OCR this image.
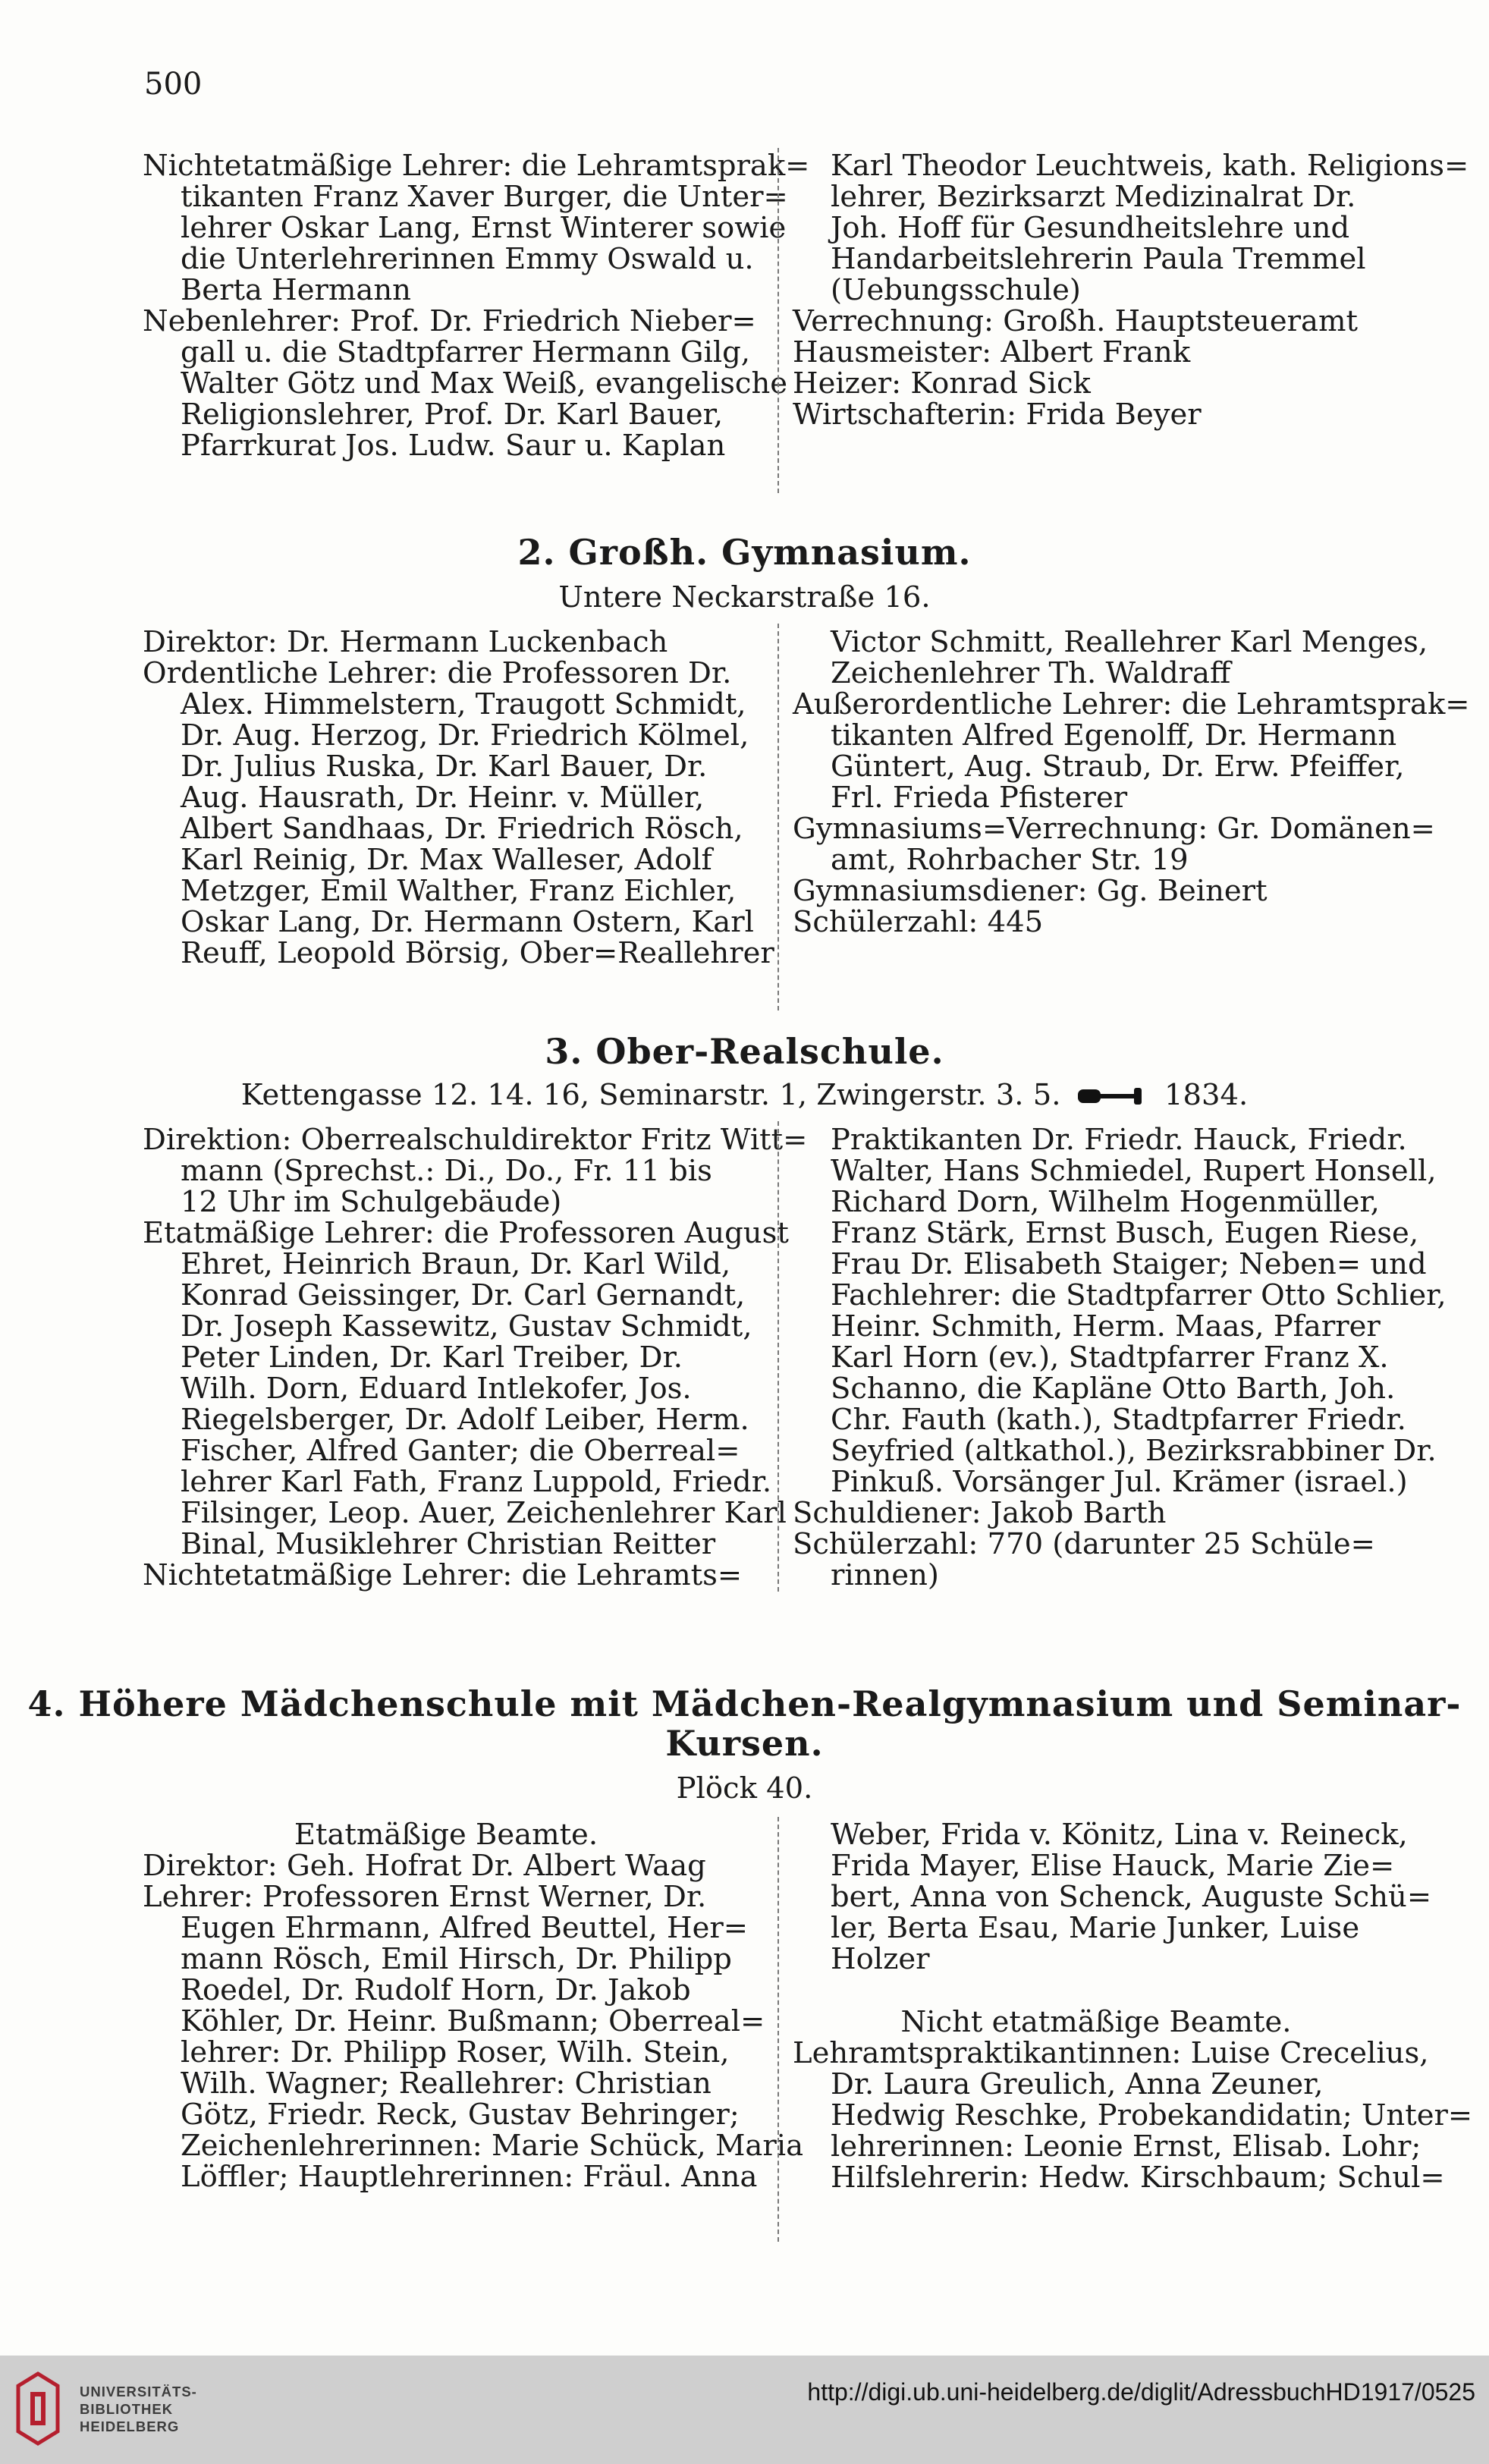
500

Nichtetatmäßige Lehrer: die Lehramtsprak=

tikanten Franz Xaver Burger, die Unter=

lehrer Oskar Lang, Ernst Winterer sowie

die Unterlehrerinnen Emmy Oswald u.

Berta Hermann

Nebenlehrer: Prof. Dr. Friedrich Nieber=

gall u. die Stadtpfarrer Hermann Gilg,

Walter Götz und Max Weiß, evangelische

Religionslehrer, Prof. Dr. Karl Bauer,

Pfarrkurat Jos. Ludw. Saur u. Kaplan

Karl Theodor Leuchtweis, kath. Religions=

lehrer, Bezirksarzt Medizinalrat Dr.

Joh. Hoff für Gesundheitslehre und

Handarbeitslehrerin Paula Tremmel

(Uebungsschule)

Verrechnung: Großh. Hauptsteueramt

Hausmeister: Albert Frank

Heizer: Konrad Sick

Wirtschafterin: Frida Beyer

2. Großh. Gymnasium.
Untere Neckarstraße 16.

Direktor: Dr. Hermann Luckenbach

Ordentliche Lehrer: die Professoren Dr.

Alex. Himmelstern, Traugott Schmidt,

Dr. Aug. Herzog, Dr. Friedrich Kölmel,

Dr. Julius Ruska, Dr. Karl Bauer, Dr.

Aug. Hausrath, Dr. Heinr. v. Müller,

Albert Sandhaas, Dr. Friedrich Rösch,

Karl Reinig, Dr. Max Walleser, Adolf

Metzger, Emil Walther, Franz Eichler,

Oskar Lang, Dr. Hermann Ostern, Karl

Reuff, Leopold Börsig, Ober=Reallehrer

Victor Schmitt, Reallehrer Karl Menges,

Zeichenlehrer Th. Waldraff

Außerordentliche Lehrer: die Lehramtsprak=

tikanten Alfred Egenolff, Dr. Hermann

Güntert, Aug. Straub, Dr. Erw. Pfeiffer,

Frl. Frieda Pfisterer

Gymnasiums=Verrechnung: Gr. Domänen=

amt, Rohrbacher Str. 19

Gymnasiumsdiener: Gg. Beinert

Schülerzahl: 445

3. Ober-Realschule.
Kettengasse 12. 14. 16, Seminarstr. 1, Zwingerstr. 3. 5.	1834.

Direktion: Oberrealschuldirektor Fritz Witt=

mann (Sprechst.: Di., Do., Fr. 11 bis

12 Uhr im Schulgebäude)

Etatmäßige Lehrer: die Professoren August

Ehret, Heinrich Braun, Dr. Karl Wild,

Konrad Geissinger, Dr. Carl Gernandt,

Dr. Joseph Kassewitz, Gustav Schmidt,

Peter Linden, Dr. Karl Treiber, Dr.

Wilh. Dorn, Eduard Intlekofer, Jos.

Riegelsberger, Dr. Adolf Leiber, Herm.

Fischer, Alfred Ganter; die Oberreal=

lehrer Karl Fath, Franz Luppold, Friedr.

Filsinger, Leop. Auer, Zeichenlehrer Karl

Binal, Musiklehrer Christian Reitter

Nichtetatmäßige Lehrer: die Lehramts=

Praktikanten Dr. Friedr. Hauck, Friedr.

Walter, Hans Schmiedel, Rupert Honsell,

Richard Dorn, Wilhelm Hogenmüller,

Franz Stärk, Ernst Busch, Eugen Riese,

Frau Dr. Elisabeth Staiger; Neben= und

Fachlehrer: die Stadtpfarrer Otto Schlier,

Heinr. Schmith, Herm. Maas, Pfarrer

Karl Horn (ev.), Stadtpfarrer Franz X.

Schanno, die Kapläne Otto Barth, Joh.

Chr. Fauth (kath.), Stadtpfarrer Friedr.

Seyfried (altkathol.), Bezirksrabbiner Dr.

Pinkuß. Vorsänger Jul. Krämer (israel.)

Schuldiener: Jakob Barth

Schülerzahl: 770 (darunter 25 Schüle=

rinnen)

4. Höhere Mädchenschule mit Mädchen-Realgymnasium und Seminar-
Kursen.
Plöck 40.

Etatmäßige Beamte.

Direktor: Geh. Hofrat Dr. Albert Waag

Lehrer: Professoren Ernst Werner, Dr.

Eugen Ehrmann, Alfred Beuttel, Her=

mann Rösch, Emil Hirsch, Dr. Philipp

Roedel, Dr. Rudolf Horn, Dr. Jakob

Köhler, Dr. Heinr. Bußmann; Oberreal=

lehrer: Dr. Philipp Roser, Wilh. Stein,

Wilh. Wagner; Reallehrer: Christian

Götz, Friedr. Reck, Gustav Behringer;

Zeichenlehrerinnen: Marie Schück, Maria

Löffler; Hauptlehrerinnen: Fräul. Anna

Weber, Frida v. Könitz, Lina v. Reineck,

Frida Mayer, Elise Hauck, Marie Zie=

bert, Anna von Schenck, Auguste Schü=

ler, Berta Esau, Marie Junker, Luise

Holzer

Nicht etatmäßige Beamte.

Lehramtspraktikantinnen: Luise Crecelius,

Dr. Laura Greulich, Anna Zeuner,

Hedwig Reschke, Probekandidatin; Unter=

lehrerinnen: Leonie Ernst, Elisab. Lohr;

Hilfslehrerin: Hedw. Kirschbaum; Schul=

UNIVERSITÄTS-
BIBLIOTHEK
HEIDELBERG
http://digi.ub.uni-heidelberg.de/diglit/AdressbuchHD1917/0525
